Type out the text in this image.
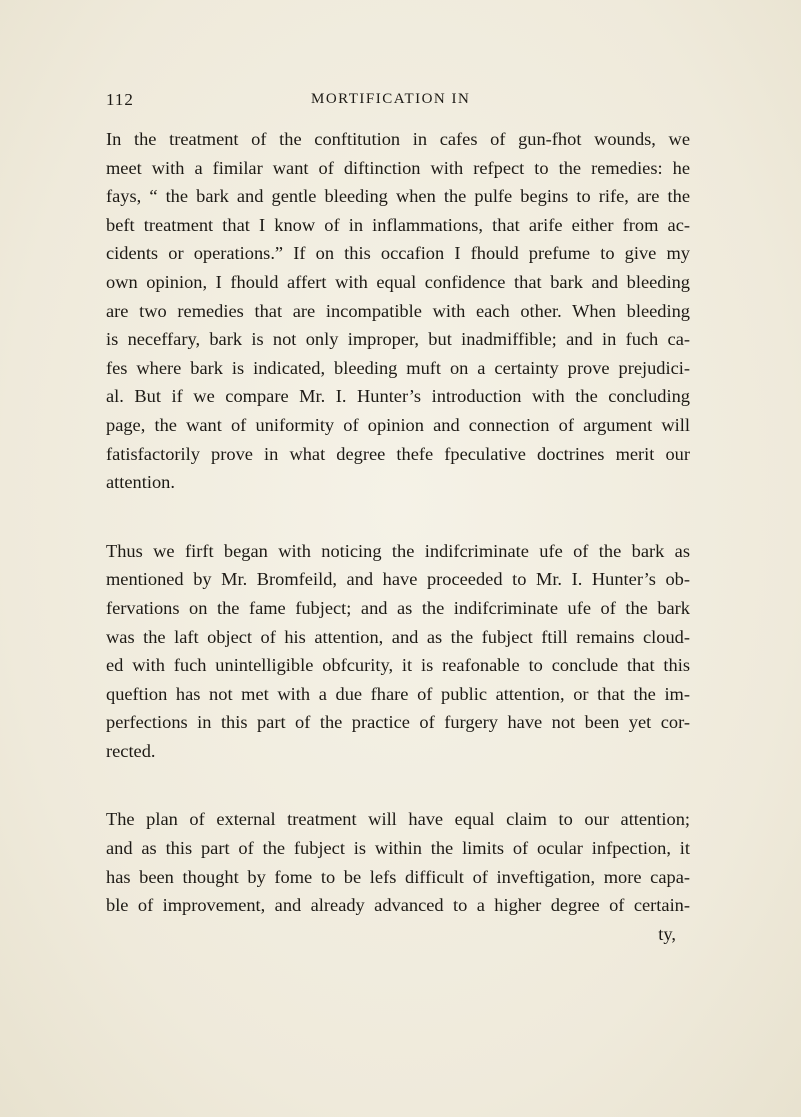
112	MORTIFICATION IN
In the treatment of the conftitution in cafes of gun-fhot wounds, we
meet with a fimilar want of diftinction with refpect to the remedies: he
fays, “ the bark and gentle bleeding when the pulfe begins to rife, are the
beft treatment that I know of in inflammations, that arife either from ac-
cidents or operations.” If on this occafion I fhould prefume to give my
own opinion, I fhould affert with equal confidence that bark and bleeding
are two remedies that are incompatible with each other. When bleeding
is neceffary, bark is not only improper, but inadmiffible; and in fuch ca-
fes where bark is indicated, bleeding muft on a certainty prove prejudici-
al. But if we compare Mr. I. Hunter’s introduction with the concluding
page, the want of uniformity of opinion and connection of argument will
fatisfactorily prove in what degree thefe fpeculative doctrines merit our
attention.
Thus we firft began with noticing the indifcriminate ufe of the bark as
mentioned by Mr. Bromfeild, and have proceeded to Mr. I. Hunter’s ob-
fervations on the fame fubject; and as the indifcriminate ufe of the bark
was the laft object of his attention, and as the fubject ftill remains cloud-
ed with fuch unintelligible obfcurity, it is reafonable to conclude that this
queftion has not met with a due fhare of public attention, or that the im-
perfections in this part of the practice of furgery have not been yet cor-
rected.
The plan of external treatment will have equal claim to our attention;
and as this part of the fubject is within the limits of ocular infpection, it
has been thought by fome to be lefs difficult of inveftigation, more capa-
ble of improvement, and already advanced to a higher degree of certain-
ty,
